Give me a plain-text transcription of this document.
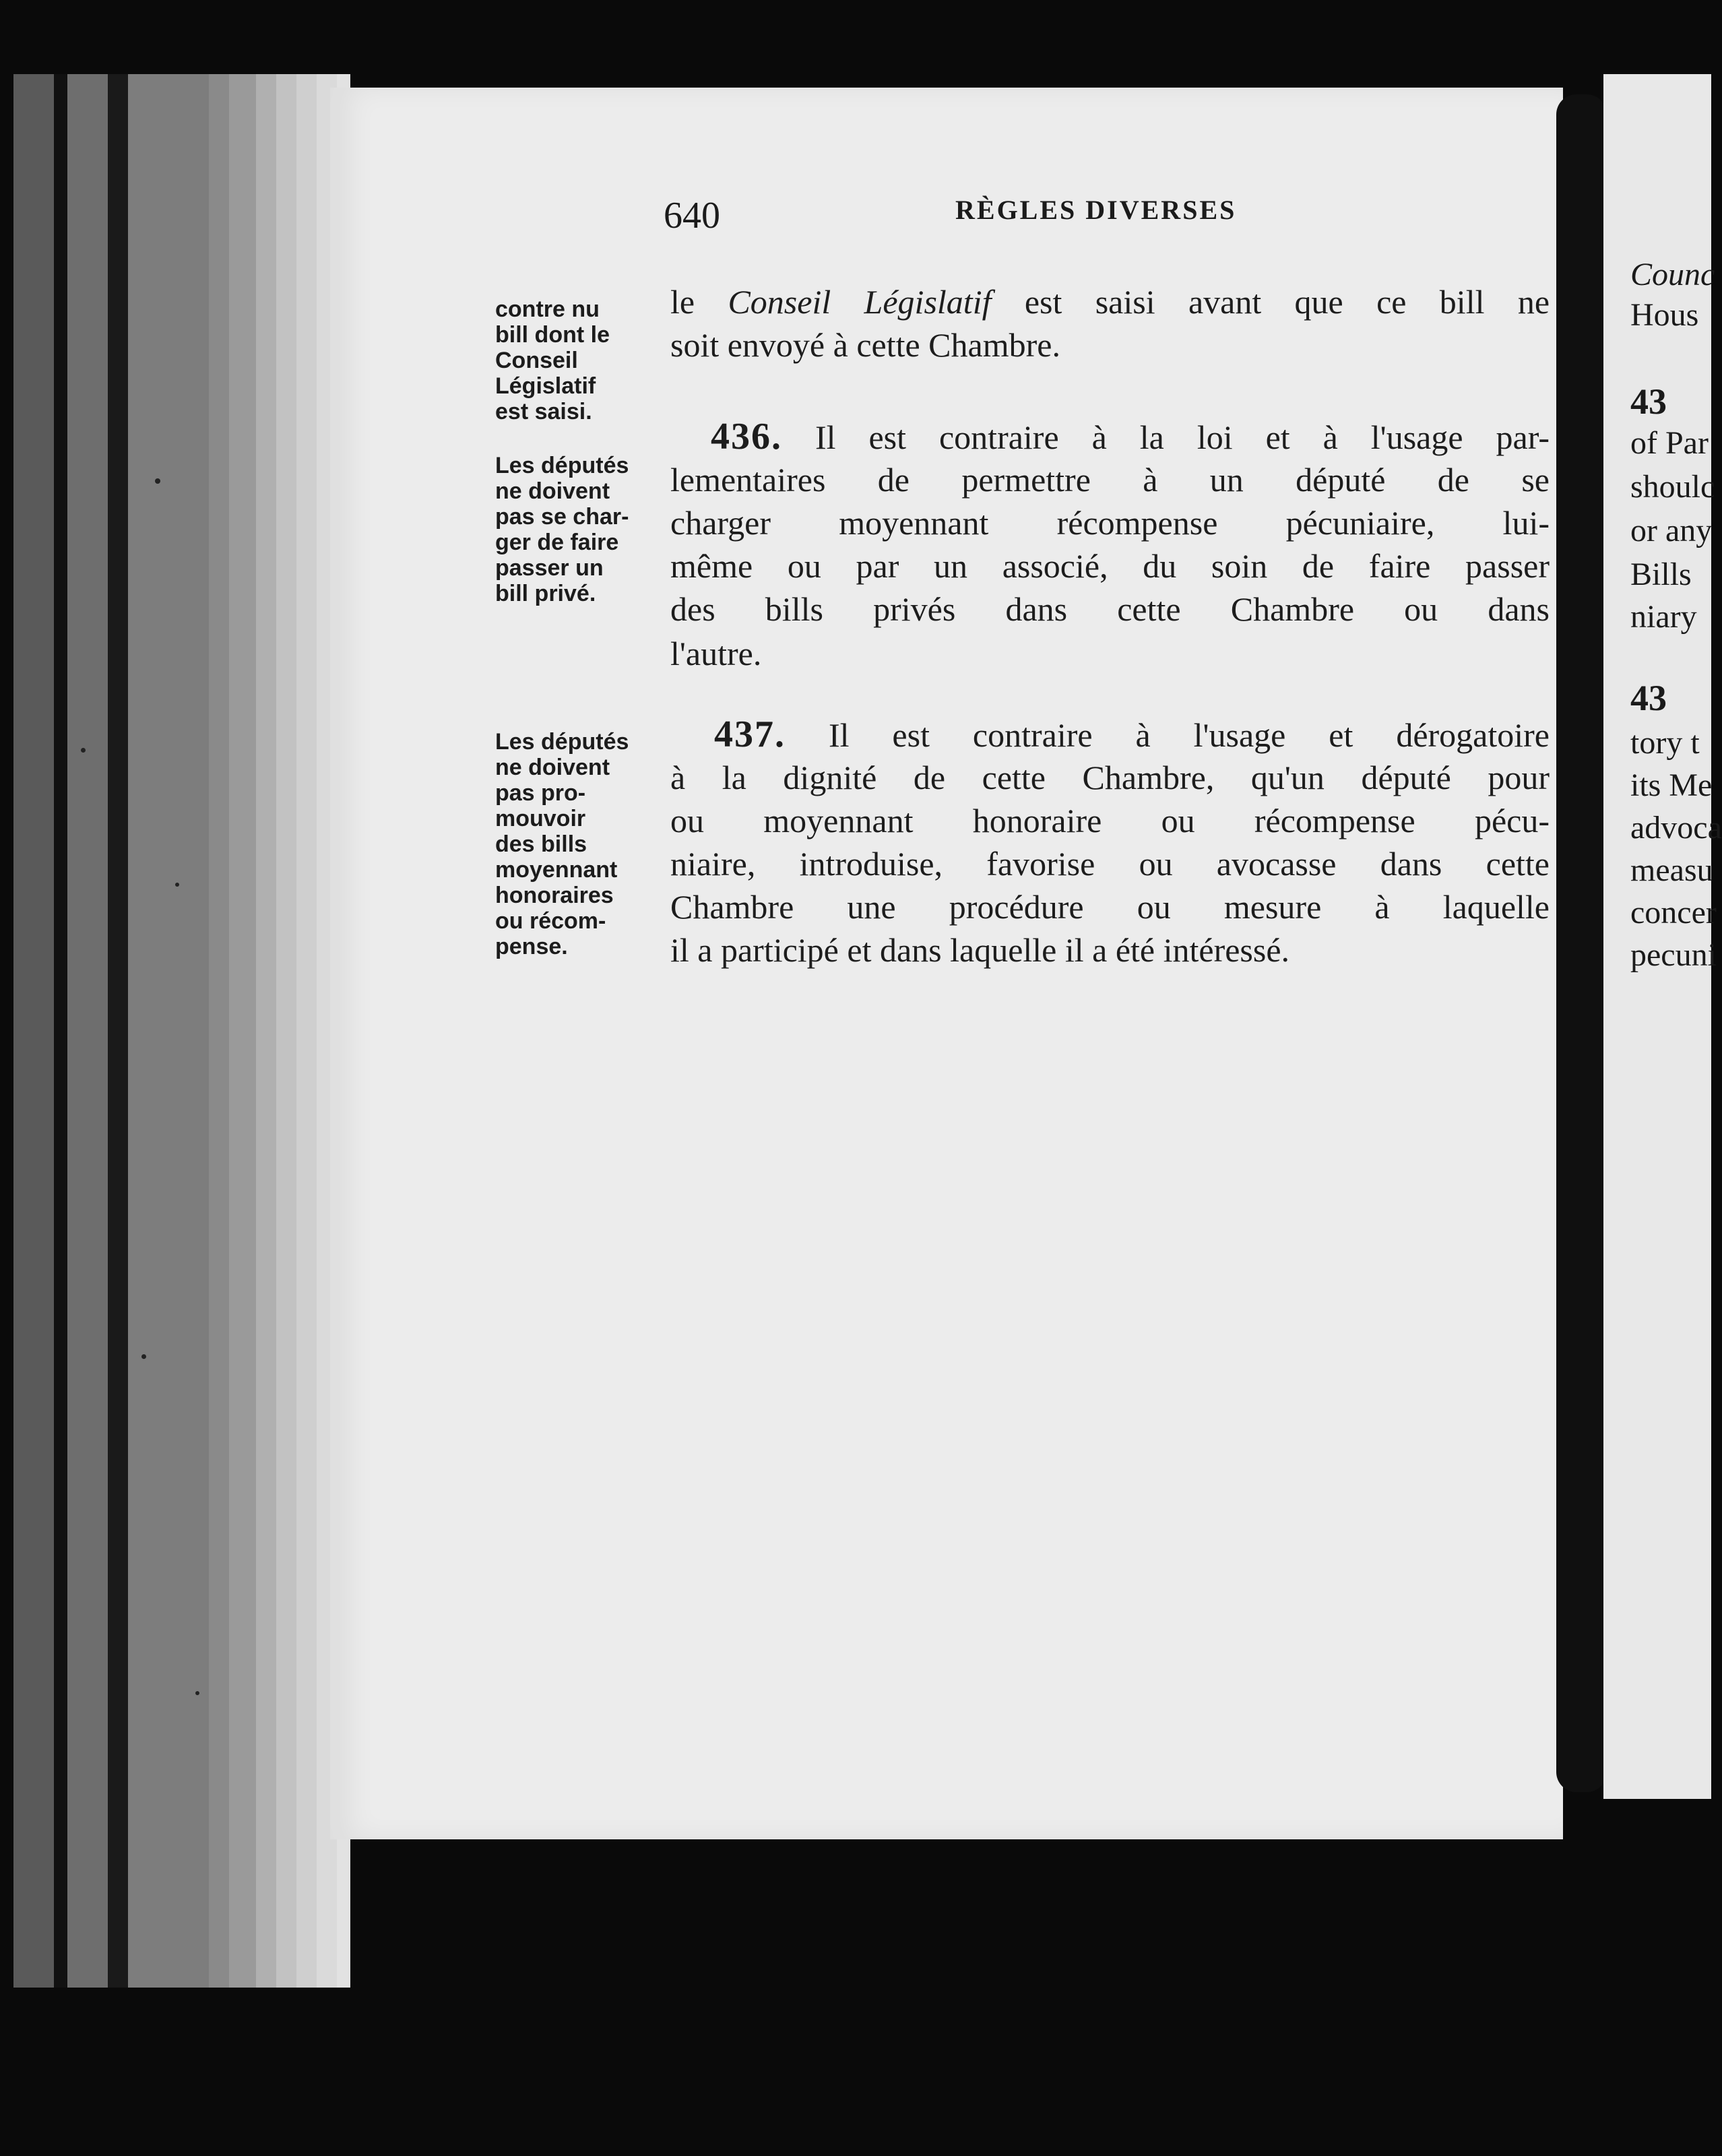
640	RÈGLES DIVERSES
contre nu
bill dont le
Conseil
Législatif
est saisi.
Les députés
ne doivent
pas se char-
ger de faire
passer un
bill privé.
Les députés
ne doivent
pas pro-
mouvoir
des bills
moyennant
honoraires
ou récom-
pense.
le Conseil Législatif est saisi avant que ce bill ne
soit envoyé à cette Chambre.
436. Il est contraire à la loi et à l'usage par-
lementaires de permettre à un député de se
charger moyennant récompense pécuniaire, lui-
même ou par un associé, du soin de faire passer
des bills privés dans cette Chambre ou dans
l'autre.
437. Il est contraire à l'usage et dérogatoire
à la dignité de cette Chambre, qu'un député pour
ou moyennant honoraire ou récompense pécu-
niaire, introduise, favorise ou avocasse dans cette
Chambre une procédure ou mesure à laquelle
il a participé et dans laquelle il a été intéressé.
Counc
Hous
43
of Par
shoulc
or any
Bills
niary
43
tory t
its Me
advoca
measu
concer
pecuni
